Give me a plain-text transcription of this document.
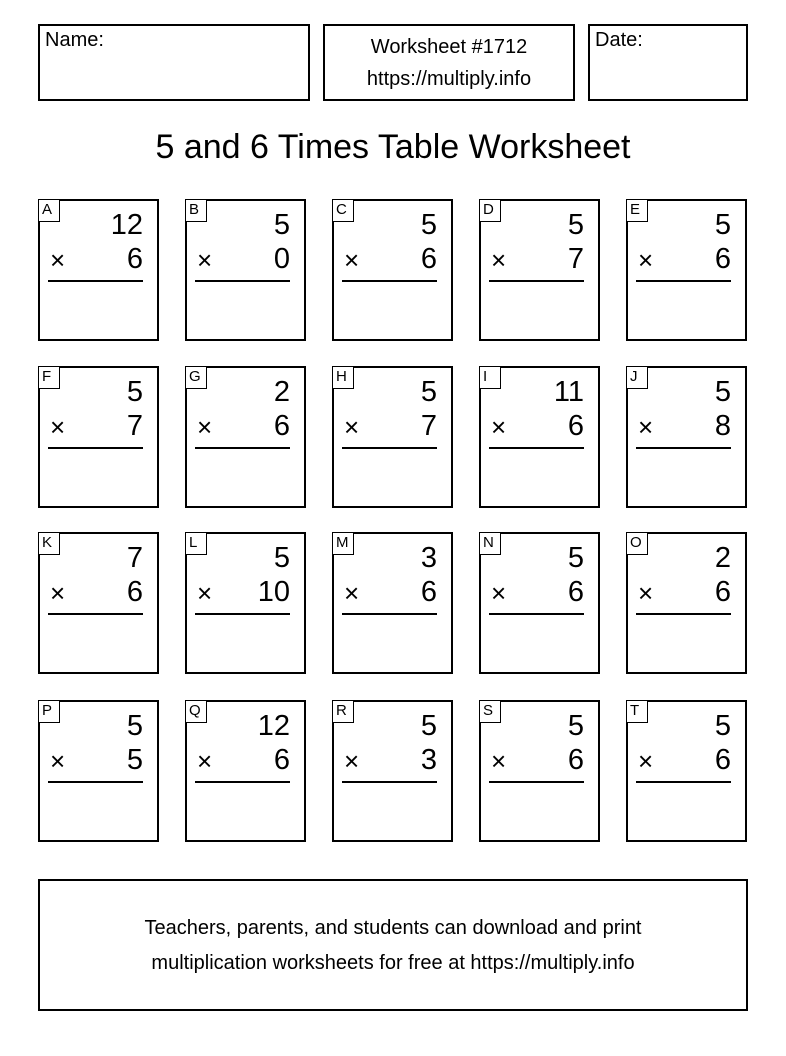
Name:	Worksheet #1712
https://multiply.info
Date:
5 and 6 Times Table Worksheet
A 12
× 6
B	5
× 0
C	5
× 6
D	5
× 7
E	5
× 6
F	5
× 7
G	2
× 6
H	5
× 7
I	11
× 6
J	5
× 8
K	7
× 6
L	5
× 10
M 3
× 6
N	5
× 6
O	2
× 6
P	5
× 5
Q 12
× 6
R	5
× 3
S	5
× 6
T	5
× 6
Teachers, parents, and students can download and print
multiplication worksheets for free at https://multiply.info
